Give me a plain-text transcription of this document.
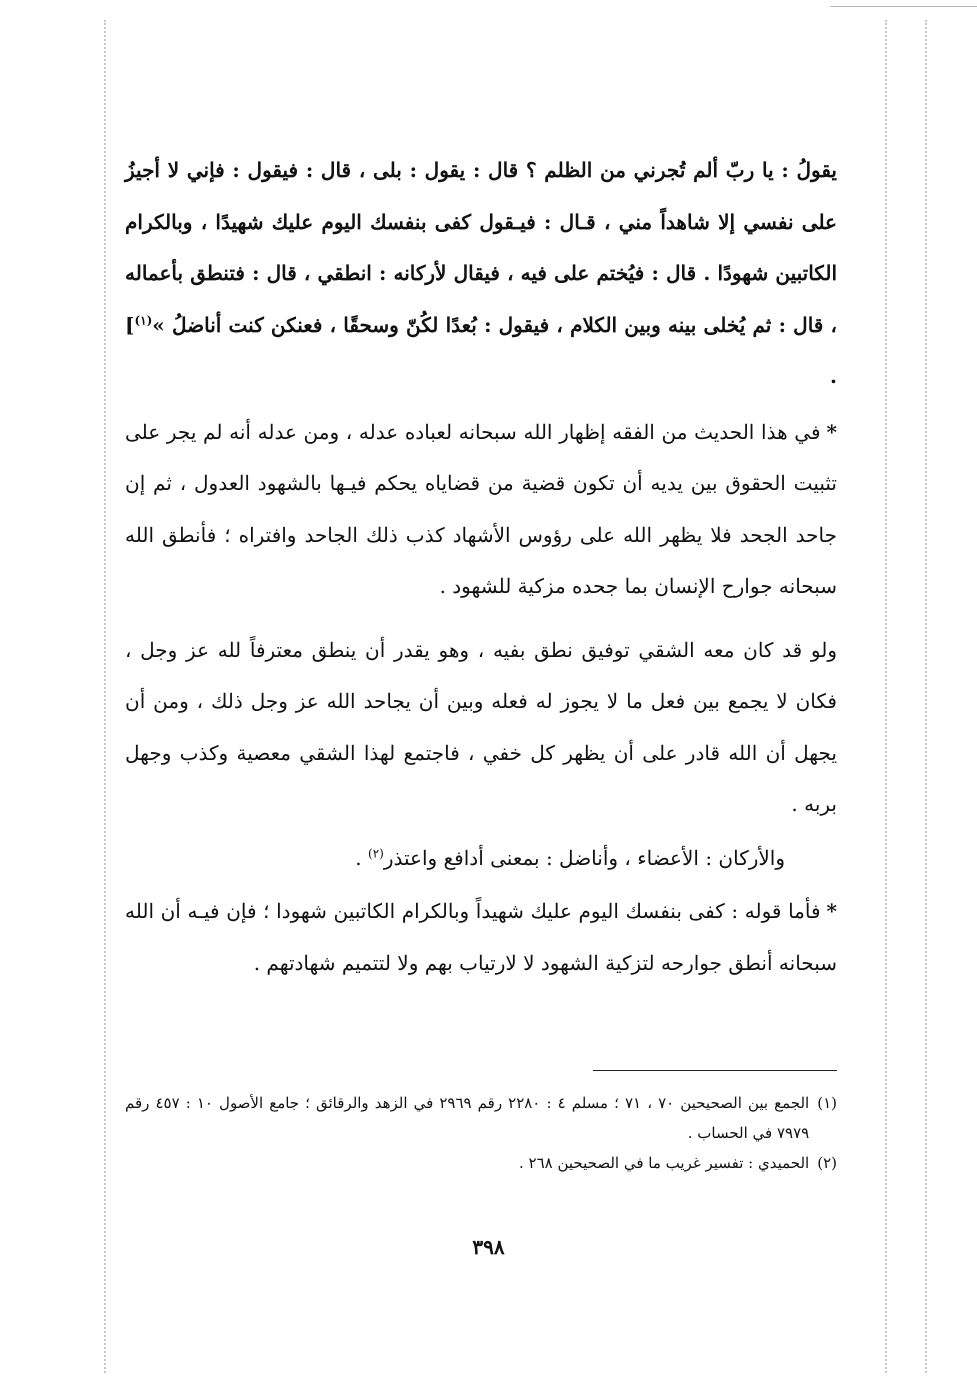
يقولُ : يا ربّ ألم تُجرني من الظلم ؟ قال : يقول : بلى ، قال : فيقول : فإني لا أجيزُ على نفسي إلا شاهداً مني ، قـال : فيـقول كفى بنفسك اليوم عليك شهيدًا ، وبالكرام الكاتبين شهودًا . قال : فيُختم على فيه ، فيقال لأركانه : انطقي ، قال : فتنطق بأعماله ، قال : ثم يُخلى بينه وبين الكلام ، فيقول : بُعدًا لكُنّ وسحقًا ، فعنكن كنت أناضلُ »$^{(١)}$] .

*في هذا الحديث من الفقه إظهار الله سبحانه لعباده عدله ، ومن عدله أنه لم يجر على تثبيت الحقوق بين يديه أن تكون قضية من قضاياه يحكم فيـها بالشهود العدول ، ثم إن جاحد الجحد فلا يظهر الله على رؤوس الأشهاد كذب ذلك الجاحد وافتراه ؛ فأنطق الله سبحانه جوارح الإنسان بما جحده مزكية للشهود .

ولو قد كان معه الشقي توفيق نطق بفيه ، وهو يقدر أن ينطق معترفاً لله عز وجل ، فكان لا يجمع بين فعل ما لا يجوز له فعله وبين أن يجاحد الله عز وجل ذلك ، ومن أن يجهل أن الله قادر على أن يظهر كل خفي ، فاجتمع لهذا الشقي معصية وكذب وجهل بربه .

والأركان : الأعضاء ، وأناضل : بمعنى أدافع واعتذر$^{(٢)}$ .

*فأما قوله : كفى بنفسك اليوم عليك شهيداً وبالكرام الكاتبين شهودا ؛ فإن فيـه أن الله سبحانه أنطق جوارحه لتزكية الشهود لا لارتياب بهم ولا لتتميم شهادتهم .

(١)
الجمع بين الصحيحين ٧٠ ، ٧١ ؛ مسلم ٤ : ٢٢٨٠ رقم ٢٩٦٩ في الزهد والرقائق ؛ جامع الأصول ١٠ : ٤٥٧ رقم ٧٩٧٩ في الحساب .

(٢)
الحميدي : تفسير غريب ما في الصحيحين ٢٦٨ .

٣٩٨
